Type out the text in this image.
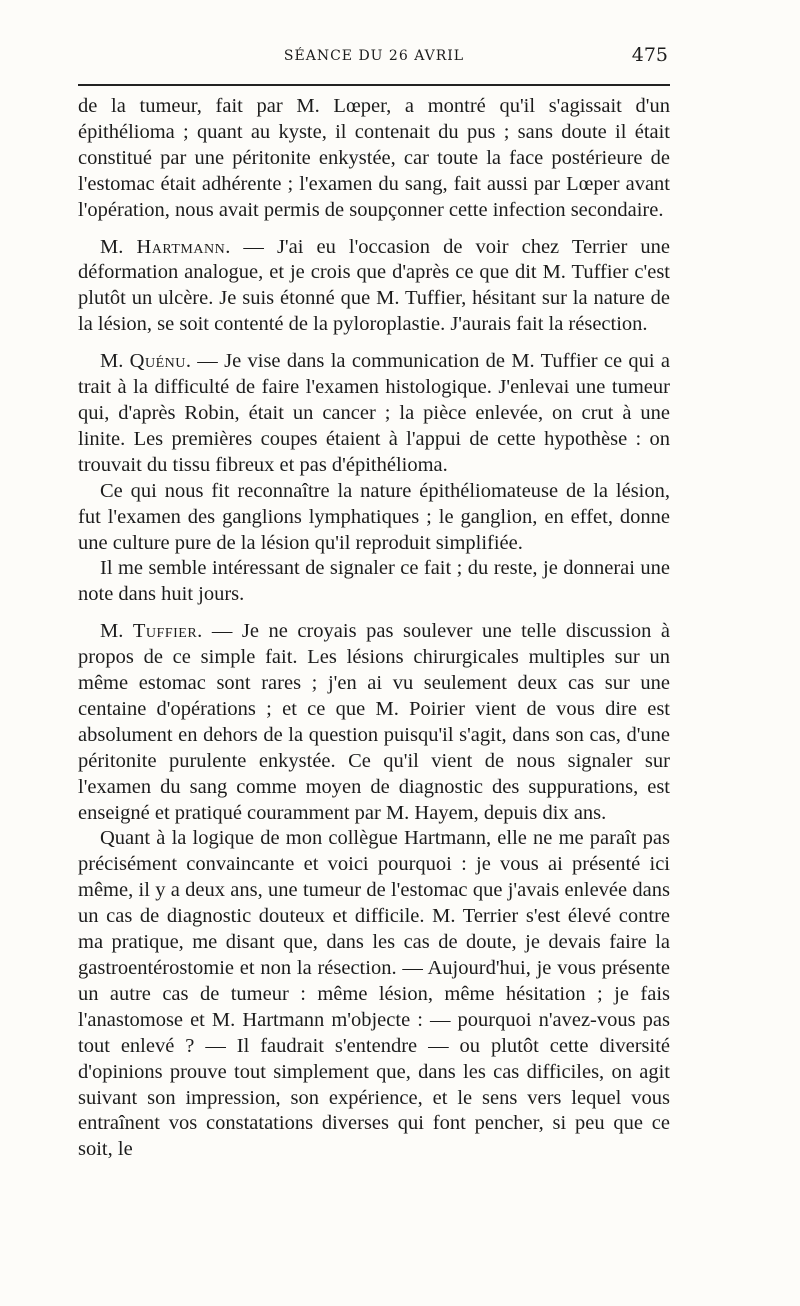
SÉANCE DU 26 AVRIL	475

de la tumeur, fait par M. Lœper, a montré qu'il s'agissait d'un épithélioma ; quant au kyste, il contenait du pus ; sans doute il était constitué par une péritonite enkystée, car toute la face postérieure de l'estomac était adhérente ; l'examen du sang, fait aussi par Lœper avant l'opération, nous avait permis de soupçonner cette infection secondaire.

M. Hartmann. — J'ai eu l'occasion de voir chez Terrier une déformation analogue, et je crois que d'après ce que dit M. Tuffier c'est plutôt un ulcère. Je suis étonné que M. Tuffier, hésitant sur la nature de la lésion, se soit contenté de la pyloroplastie. J'aurais fait la résection.

M. Quénu. — Je vise dans la communication de M. Tuffier ce qui a trait à la difficulté de faire l'examen histologique. J'enlevai une tumeur qui, d'après Robin, était un cancer ; la pièce enlevée, on crut à une linite. Les premières coupes étaient à l'appui de cette hypothèse : on trouvait du tissu fibreux et pas d'épithélioma.

Ce qui nous fit reconnaître la nature épithéliomateuse de la lésion, fut l'examen des ganglions lymphatiques ; le ganglion, en effet, donne une culture pure de la lésion qu'il reproduit simplifiée.

Il me semble intéressant de signaler ce fait ; du reste, je donnerai une note dans huit jours.

M. Tuffier. — Je ne croyais pas soulever une telle discussion à propos de ce simple fait. Les lésions chirurgicales multiples sur un même estomac sont rares ; j'en ai vu seulement deux cas sur une centaine d'opérations ; et ce que M. Poirier vient de vous dire est absolument en dehors de la question puisqu'il s'agit, dans son cas, d'une péritonite purulente enkystée. Ce qu'il vient de nous signaler sur l'examen du sang comme moyen de diagnostic des suppurations, est enseigné et pratiqué couramment par M. Hayem, depuis dix ans.

Quant à la logique de mon collègue Hartmann, elle ne me paraît pas précisément convaincante et voici pourquoi : je vous ai présenté ici même, il y a deux ans, une tumeur de l'estomac que j'avais enlevée dans un cas de diagnostic douteux et difficile. M. Terrier s'est élevé contre ma pratique, me disant que, dans les cas de doute, je devais faire la gastroentérostomie et non la résection. — Aujourd'hui, je vous présente un autre cas de tumeur : même lésion, même hésitation ; je fais l'anastomose et M. Hartmann m'objecte : — pourquoi n'avez-vous pas tout enlevé ? — Il faudrait s'entendre — ou plutôt cette diversité d'opinions prouve tout simplement que, dans les cas difficiles, on agit suivant son impression, son expérience, et le sens vers lequel vous entraînent vos constatations diverses qui font pencher, si peu que ce soit, le
